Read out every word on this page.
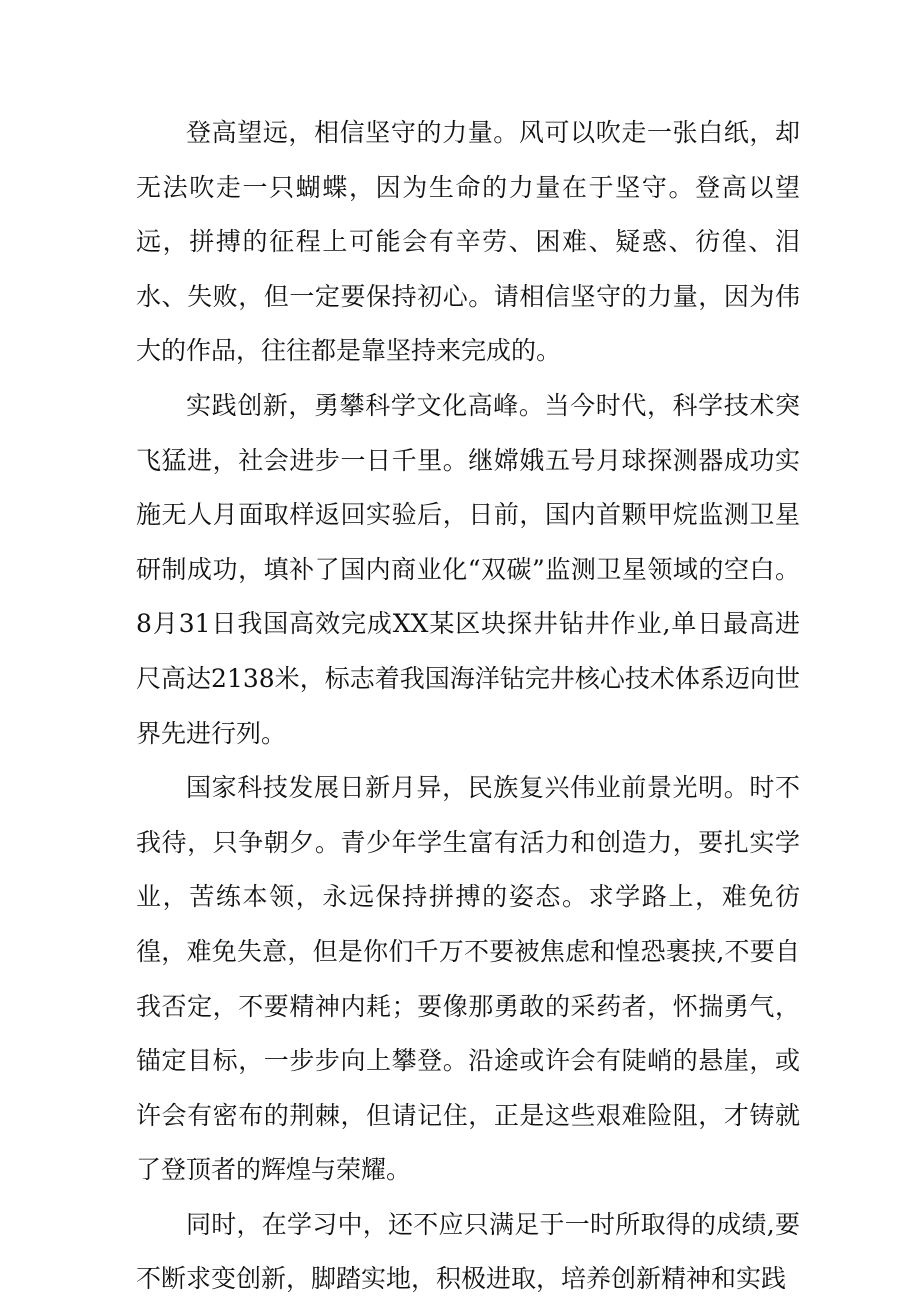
登高望远，相信坚守的力量。风可以吹走一张白纸，却无法吹走一只蝴蝶，因为生命的力量在于坚守。登高以望远，拼搏的征程上可能会有辛劳、困难、疑惑、彷徨、泪水、失败，但一定要保持初心。请相信坚守的力量，因为伟大的作品，往往都是靠坚持来完成的。

实践创新，勇攀科学文化高峰。当今时代，科学技术突飞猛进，社会进步一日千里。继嫦娥五号月球探测器成功实施无人月面取样返回实验后，日前，国内首颗甲烷监测卫星研制成功，填补了国内商业化“双碳”监测卫星领域的空白。8月31日我国高效完成XX某区块探井钻井作业,单日最高进尺高达2138米，标志着我国海洋钻完井核心技术体系迈向世界先进行列。

国家科技发展日新月异，民族复兴伟业前景光明。时不我待，只争朝夕。青少年学生富有活力和创造力，要扎实学业，苦练本领，永远保持拼搏的姿态。求学路上，难免彷徨，难免失意，但是你们千万不要被焦虑和惶恐裹挟,不要自我否定，不要精神内耗；要像那勇敢的采药者，怀揣勇气，锚定目标，一步步向上攀登。沿途或许会有陡峭的悬崖，或许会有密布的荆棘，但请记住，正是这些艰难险阻，才铸就了登顶者的辉煌与荣耀。

同时，在学习中，还不应只满足于一时所取得的成绩,要不断求变创新，脚踏实地，积极进取，培养创新精神和实践
